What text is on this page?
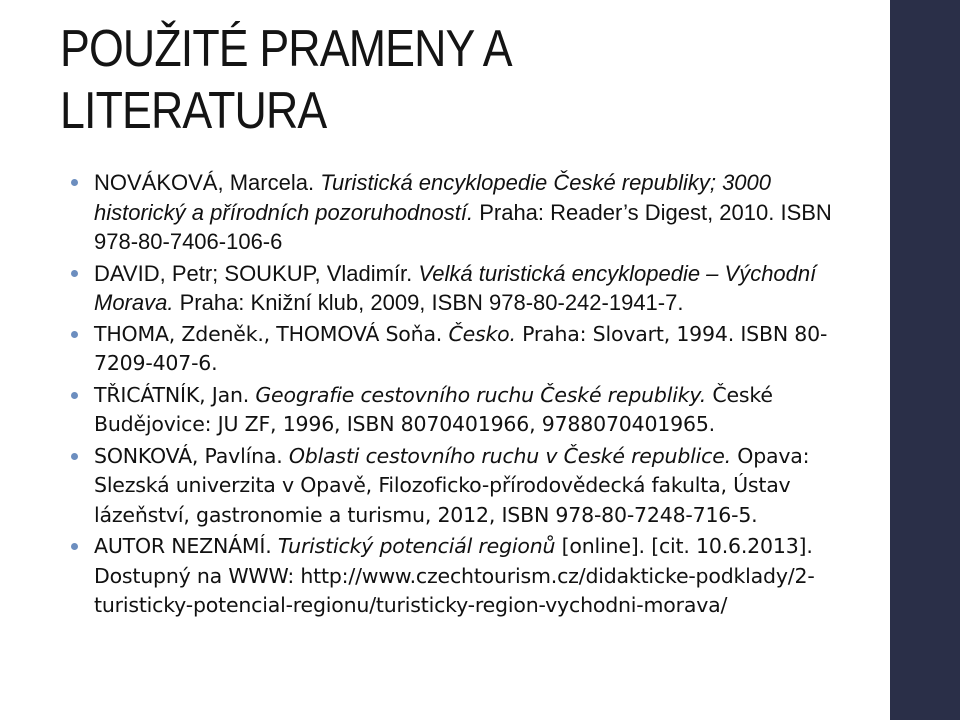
POUŽITÉ PRAMENY A
LITERATURA
NOVÁKOVÁ, Marcela. Turistická encyklopedie České republiky; 3000 historický a přírodních pozoruhodností. Praha: Reader’s Digest, 2010. ISBN 978-80-7406-106-6
DAVID, Petr; SOUKUP, Vladimír. Velká turistická encyklopedie – Východní Morava. Praha: Knižní klub, 2009, ISBN 978-80-242-1941-7.
THOMA, Zdeněk., THOMOVÁ Soňa. Česko. Praha: Slovart, 1994. ISBN 80-7209-407-6.
TŘICÁTNÍK, Jan. Geografie cestovního ruchu České republiky. České Budějovice: JU ZF, 1996, ISBN 8070401966, 9788070401965.
SONKOVÁ, Pavlína. Oblasti cestovního ruchu v České republice. Opava: Slezská univerzita v Opavě, Filozoficko-přírodovědecká fakulta, Ústav lázeňství, gastronomie a turismu, 2012, ISBN 978-80-7248-716-5.
AUTOR NEZNÁMÍ. Turistický potenciál regionů [online]. [cit. 10.6.2013]. Dostupný na WWW: http://www.czechtourism.cz/didakticke-podklady/2-turisticky-potencial-regionu/turisticky-region-vychodni-morava/
